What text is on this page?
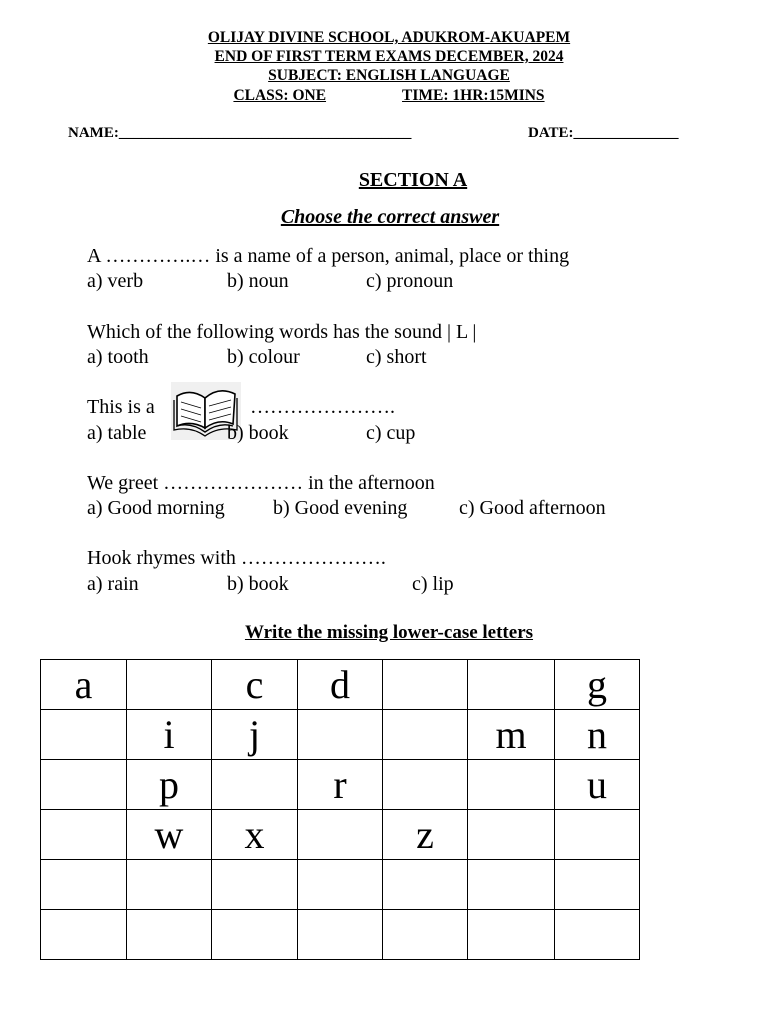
OLIJAY DIVINE SCHOOL, ADUKROM-AKUAPEM
END OF FIRST TERM EXAMS DECEMBER, 2024
SUBJECT: ENGLISH LANGUAGE
CLASS: ONE	TIME: 1HR:15MINS
NAME:_______________________________________	DATE:______________
SECTION A
Choose the correct answer
A ………….… is a name of a person, animal, place or thing
a) verb	b) noun	c) pronoun
Which of the following words has the sound | L |
a) tooth	b) colour	c) short
This is a	………………….
a) table	b) book	c) cup
We greet ………………… in the afternoon
a) Good morning b) Good evening	c) Good afternoon
Hook rhymes with ………………….
a) rain	b) book	c) lip
Write the missing lower-case letters
a		c	d			g
	i	j			m	n
	p		r			u
	w	x		z		
